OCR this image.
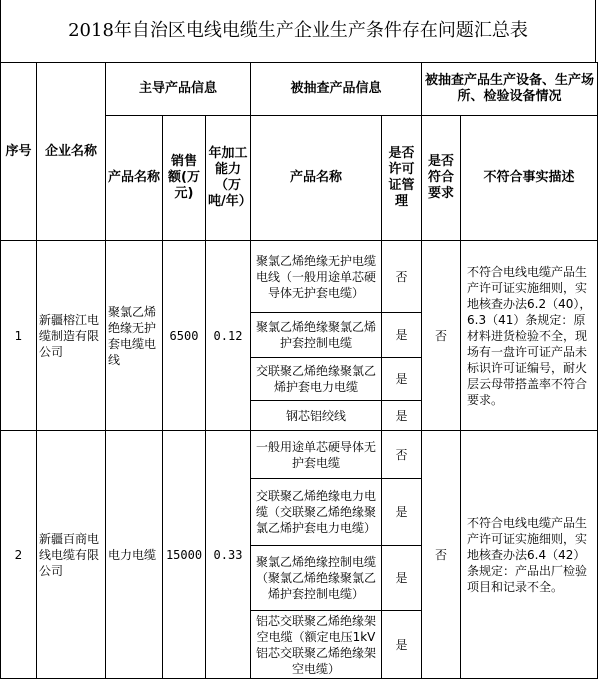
2018年自治区电线电缆生产企业生产条件存在问题汇总表
序号	企业名称	主导产品信息			被抽查产品信息		被抽查产品生产设备、生产场所、检验设备情况	
		产品名称	销售额(万元)	年加工能力（万吨/年）	产品名称	是否许可证管理	是否符合要求	不符合事实描述
1	新疆榕江电缆制造有限公司	聚氯乙烯绝缘无护套电缆电线	6500	0.12	聚氯乙烯绝缘无护电缆电线（一般用途单芯硬导体无护套电缆）	否	否	不符合电线电缆产品生产许可证实施细则，实地核查办法6.2（40），6.3（41）条规定：原材料进货检验不全，现场有一盘许可证产品未标识许可证编号，耐火层云母带搭盖率不符合要求。
					聚氯乙烯绝缘聚氯乙烯护套控制电缆	是		
					交联聚乙烯绝缘聚氯乙烯护套电力电缆	是		
					钢芯铝绞线	是		
2	新疆百商电线电缆有限公司	电力电缆	15000	0.33	一般用途单芯硬导体无护套电缆	否	否	不符合电线电缆产品生产许可证实施细则，实地核查办法6.4（42）条规定：产品出厂检验项目和记录不全。
					交联聚乙烯绝缘电力电缆（交联聚乙烯绝缘聚氯乙烯护套电力电缆）	是		
					聚氯乙烯绝缘控制电缆（聚氯乙烯绝缘聚氯乙烯护套控制电缆）	是		
					铝芯交联聚乙烯绝缘架空电缆（额定电压1kV铝芯交联聚乙烯绝缘架空电缆）	是		
